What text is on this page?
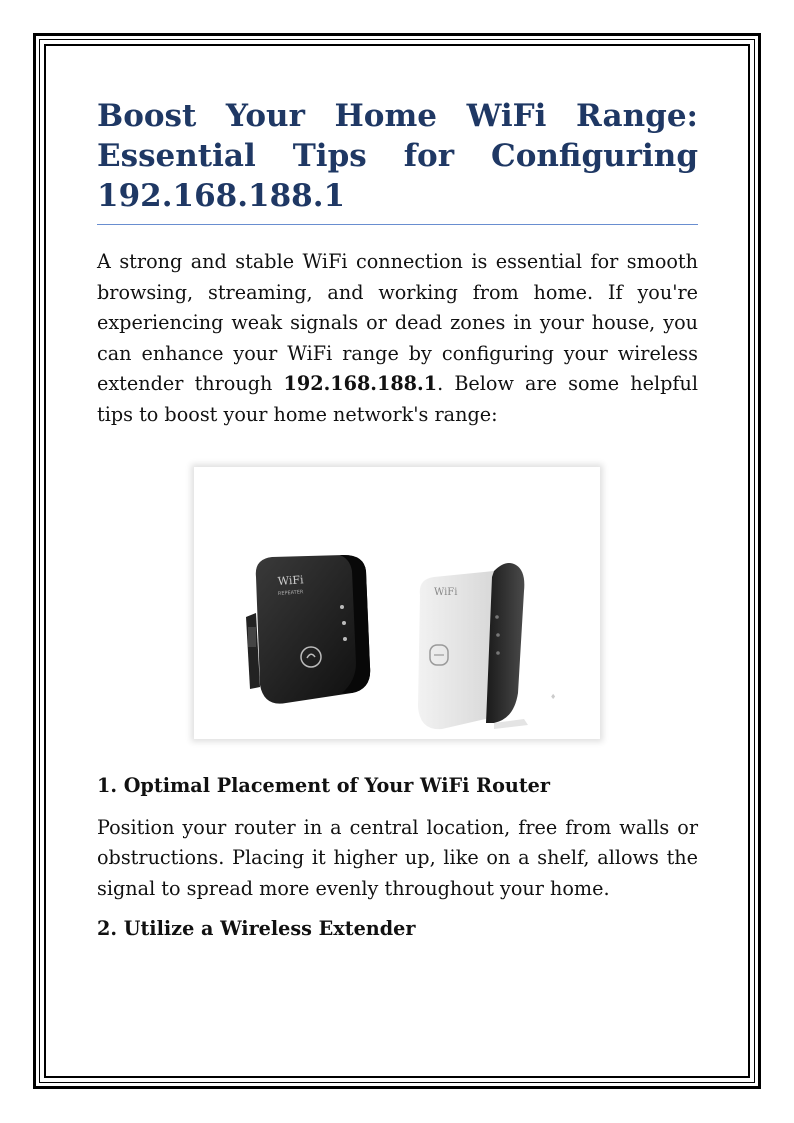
Boost Your Home WiFi Range: Essential Tips for Configuring 192.168.188.1

A strong and stable WiFi connection is essential for smooth browsing, streaming, and working from home. If you're experiencing weak signals or dead zones in your house, you can enhance your WiFi range by configuring your wireless extender through 192.168.188.1. Below are some helpful tips to boost your home network's range:

WiFi
REPEATER	WiFi
♦
1. Optimal Placement of Your WiFi Router

Position your router in a central location, free from walls or obstructions. Placing it higher up, like on a shelf, allows the signal to spread more evenly throughout your home.

2. Utilize a Wireless Extender
